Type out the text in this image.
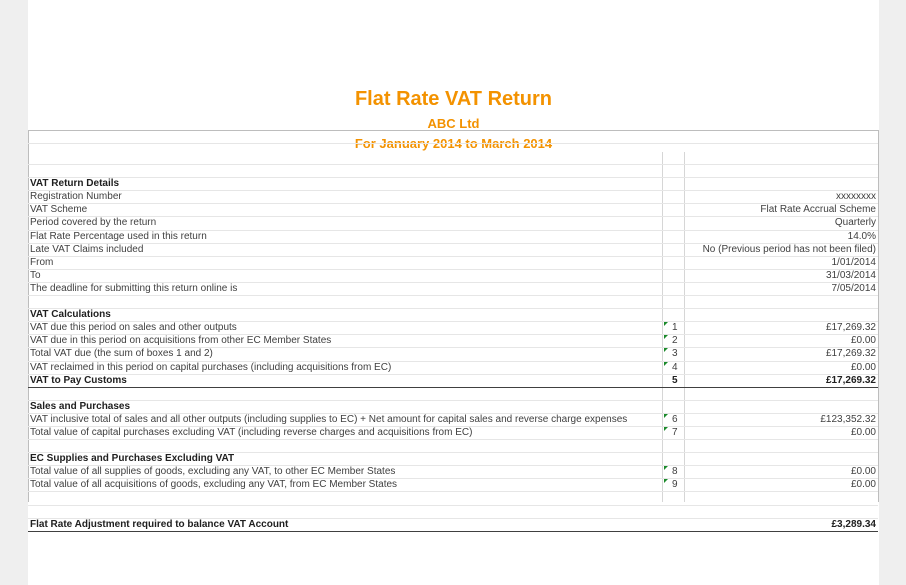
Flat Rate VAT Return
ABC Ltd
For January 2014 to March 2014
VAT Return Details
Registration Number	xxxxxxxx
VAT Scheme	Flat Rate Accrual Scheme
Period covered by the return	Quarterly
Flat Rate Percentage used in this return	14.0%
Late VAT Claims included	No (Previous period has not been filed)
From	1/01/2014
To	31/03/2014
The deadline for submitting this return online is	7/05/2014
VAT Calculations
VAT due this period on sales and other outputs	1	£17,269.32
VAT due in this period on acquisitions from other EC Member States	2	£0.00
Total VAT due (the sum of boxes 1 and 2)	3	£17,269.32
VAT reclaimed in this period on capital purchases (including acquisitions from EC)	4	£0.00
VAT to Pay Customs	5	£17,269.32
Sales and Purchases
VAT inclusive total of sales and all other outputs (including supplies to EC) + Net amount for capital sales and reverse charge expenses	6	£123,352.32
Total value of capital purchases excluding VAT (including reverse charges and acquisitions from EC)	7	£0.00
EC Supplies and Purchases Excluding VAT
Total value of all supplies of goods, excluding any VAT, to other EC Member States	8	£0.00
Total value of all acquisitions of goods, excluding any VAT, from EC Member States	9	£0.00
Flat Rate Adjustment required to balance VAT Account	£3,289.34
